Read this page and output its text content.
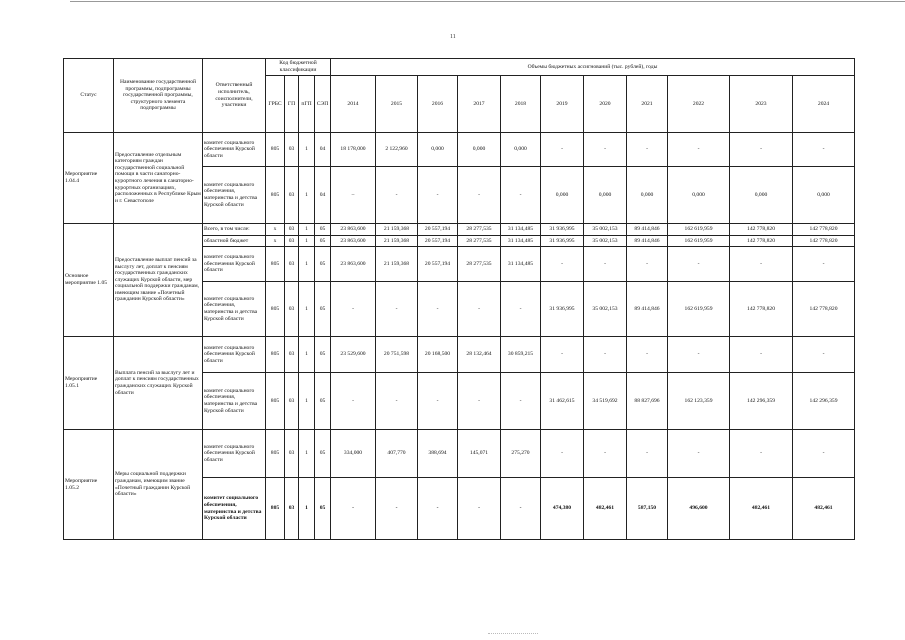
11
Статус	Наименование государственной программы, подпрограммы государственной программы, структурного элемента подпрограммы	Ответственный исполнитель, соисполнители, участники	Код бюджетной классификации				Объемы бюджетных ассигнований (тыс. рублей), годы										
			ГРБС	ГП	пГП	СЭП	2014	2015	2016	2017	2018	2019	2020	2021	2022	2023	2024
Мероприятие 1.04.4	Предоставление отдельным категориям граждан государственной социальной помощи в части санаторно-курортного лечения в санаторно-курортных организациях, расположенных в Республике Крым и г. Севастополе	комитет социального обеспечения Курской области	805	03	1	04	18 178,000	2 122,960	0,000	0,000	0,000	-	-	-	-	-	-
		комитет социального обеспечения, материнства и детства Курской области	805	03	1	04	–	-	-	-	-	0,000	0,000	0,000	0,000	0,000	0,000
Основное мероприятие 1.05	Предоставление выплат пенсий за выслугу лет, доплат к пенсиям государственных гражданских служащих Курской области, мер социальной поддержки гражданам, имеющим звание «Почетный гражданин Курской области»	Всего, в том числе:	x	03	1	05	23 863,600	21 159,368	20 557,194	28 277,535	31 134,485	31 936,995	35 002,153	89 414,846	162 619,959	142 778,820	142 778,820
		областной бюджет	x	03	1	05	23 863,600	21 159,368	20 557,194	28 277,535	31 134,485	31 936,995	35 002,153	89 414,846	162 619,959	142 778,820	142 778,820
		комитет социального обеспечения Курской области	805	03	1	05	23 863,600	21 159,368	20 557,194	28 277,535	31 134,485	-	-	-	-	-	-
		комитет социального обеспечения, материнства и детства Курской области	805	03	1	05	-	-	-	-	-	31 936,995	35 002,153	89 414,846	162 619,959	142 778,820	142 778,820
Мероприятие 1.05.1	Выплата пенсий за выслугу лет и доплат к пенсиям государственных гражданских служащих Курской области	комитет социального обеспечения Курской области	805	03	1	05	23 529,600	20 751,598	20 168,500	28 132,464	30 859,215	-	-	-	-	-	-
		комитет социального обеспечения, материнства и детства Курской области	805	03	1	05	-	-	-	-	-	31 462,615	34 519,692	88 827,696	162 123,359	142 296,359	142 296,359
Мероприятие 1.05.2	Меры социальной поддержки гражданам, имеющим звание «Почетный гражданин Курской области»	комитет социального обеспечения Курской области	805	03	1	05	334,000	407,770	388,694	145,071	275,270	-	-	-	-	-	-
		комитет социального обеспечения, материнства и детства Курской области	805	03	1	05	-	-	-	-	-	474,380	482,461	587,150	496,600	482,461	482,461
